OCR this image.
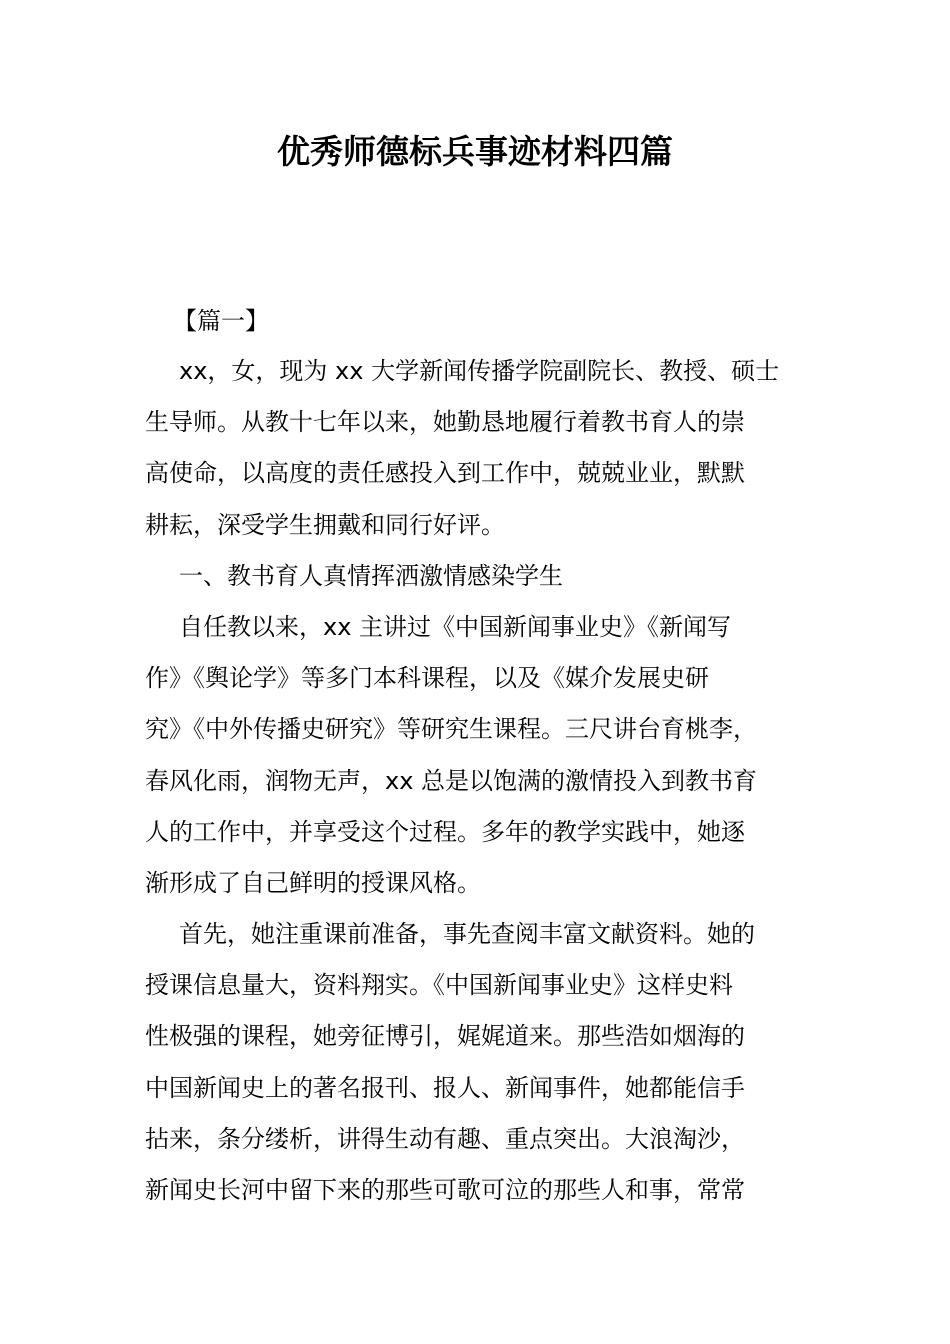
优秀师德标兵事迹材料四篇
【篇一】
xx，女，现为 xx 大学新闻传播学院副院长、教授、硕士
生导师。从教十七年以来，她勤恳地履行着教书育人的崇
高使命，以高度的责任感投入到工作中，兢兢业业，默默
耕耘，深受学生拥戴和同行好评。
一、教书育人真情挥洒激情感染学生
自任教以来，xx 主讲过《中国新闻事业史》《新闻写
作》《舆论学》等多门本科课程，以及《媒介发展史研
究》《中外传播史研究》等研究生课程。三尺讲台育桃李，
春风化雨，润物无声，xx 总是以饱满的激情投入到教书育
人的工作中，并享受这个过程。多年的教学实践中，她逐
渐形成了自己鲜明的授课风格。
首先，她注重课前准备，事先查阅丰富文献资料。她的
授课信息量大，资料翔实。《中国新闻事业史》这样史料
性极强的课程，她旁征博引，娓娓道来。那些浩如烟海的
中国新闻史上的著名报刊、报人、新闻事件，她都能信手
拈来，条分缕析，讲得生动有趣、重点突出。大浪淘沙，
新闻史长河中留下来的那些可歌可泣的那些人和事，常常
